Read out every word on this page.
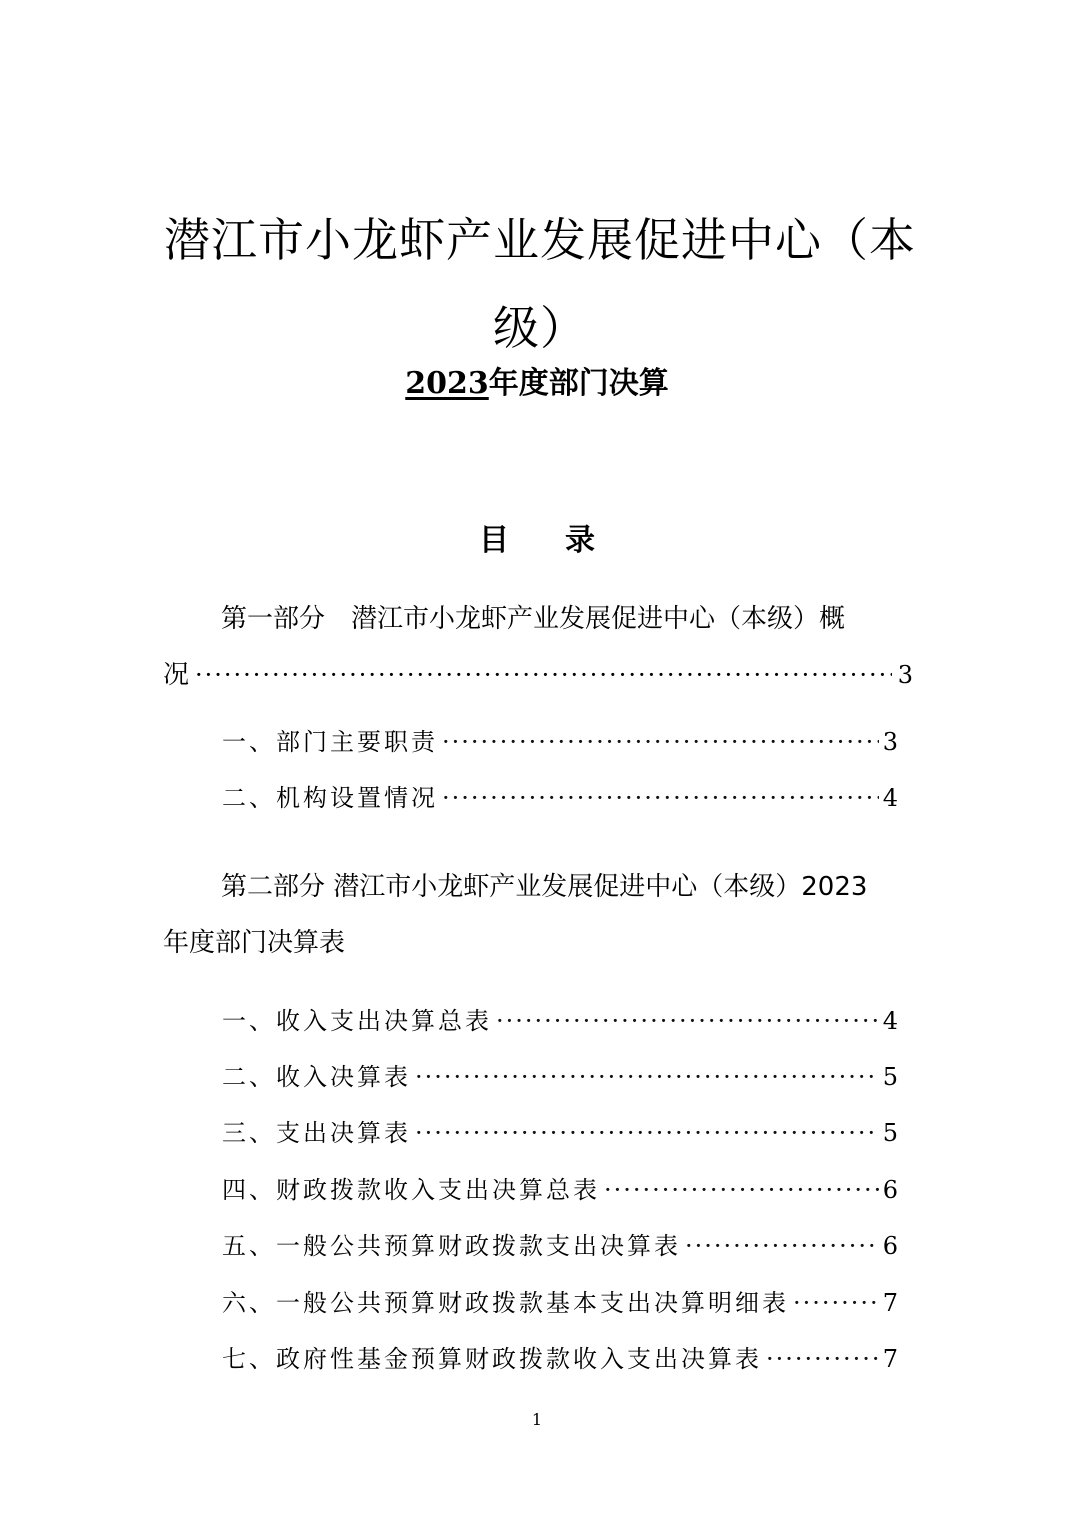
潜江市小龙虾产业发展促进中心（本
级）
2023年度部门决算
目录
第一部分　潜江市小龙虾产业发展促进中心（本级）概
况 ·····	3
一、部门主要职责 ·····	3
二、机构设置情况 ·····	4
第二部分 潜江市小龙虾产业发展促进中心（本级）2023
年度部门决算表
一、收入支出决算总表 ·····	4
二、收入决算表 ·····	5
三、支出决算表 ·····	5
四、财政拨款收入支出决算总表 ·····	6
五、一般公共预算财政拨款支出决算表 ·····	6
六、一般公共预算财政拨款基本支出决算明细表 ·····	7
七、政府性基金预算财政拨款收入支出决算表 ·····	7
1
